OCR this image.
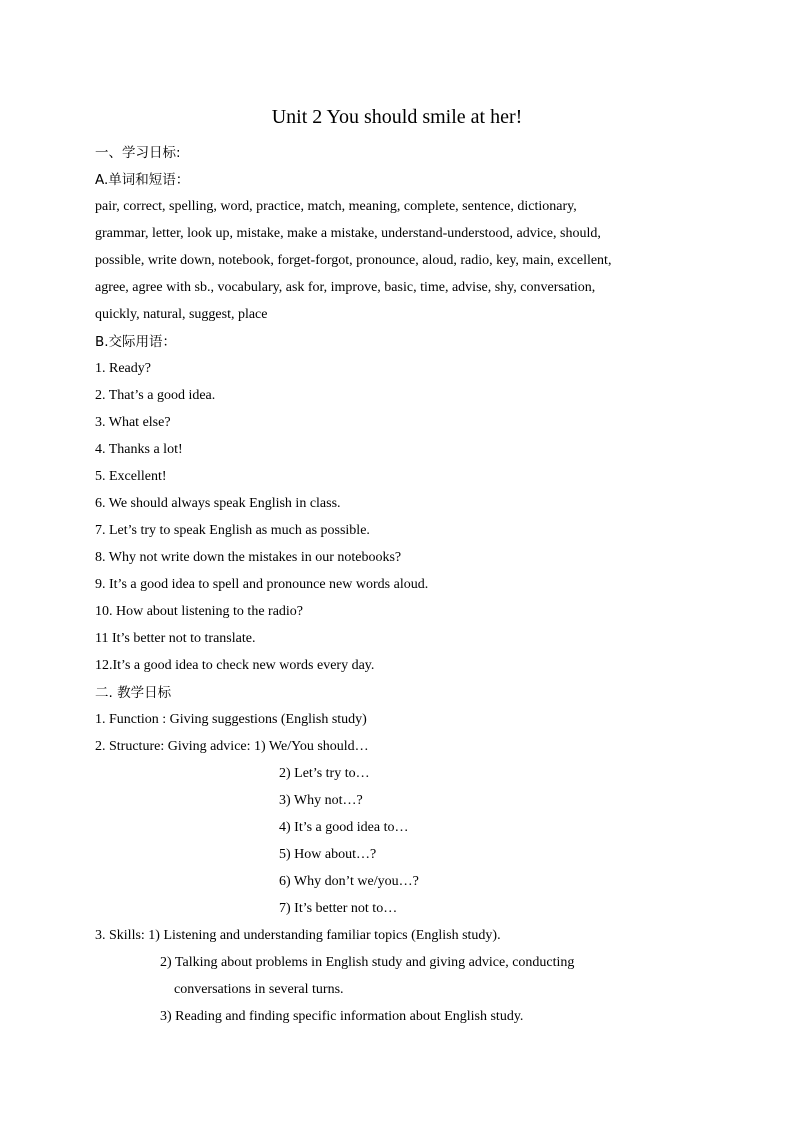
Unit 2 You should smile at her!
一、学习日标:
A.单词和短语：
pair, correct, spelling, word, practice, match, meaning, complete, sentence, dictionary,
grammar, letter, look up, mistake, make a mistake, understand-understood, advice, should,
possible, write down, notebook, forget-forgot, pronounce, aloud, radio, key, main, excellent,
agree, agree with sb., vocabulary, ask for, improve, basic, time, advise, shy, conversation,
quickly, natural, suggest, place
B.交际用语：
1. Ready?
2. That’s a good idea.
3. What else?
4. Thanks a lot!
5. Excellent!
6. We should always speak English in class.
7. Let’s try to speak English as much as possible.
8. Why not write down the mistakes in our notebooks?
9. It’s a good idea to spell and pronounce new words aloud.
10. How about listening to the radio?
11 It’s better not to translate.
12.It’s a good idea to check new words every day.
二. 教学日标
1. Function : Giving suggestions (English study)
2. Structure: Giving advice: 1) We/You should…
2) Let’s try to…
3) Why not…?
4) It’s a good idea to…
5) How about…?
6) Why don’t we/you…?
7) It’s better not to…
3. Skills: 1) Listening and understanding familiar topics (English study).
2) Talking about problems in English study and giving advice, conducting
conversations in several turns.
3) Reading and finding specific information about English study.
